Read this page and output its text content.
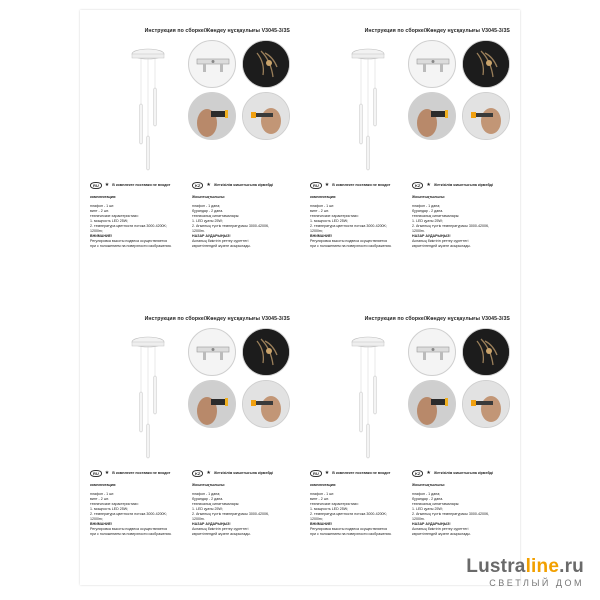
Инструкция по сборке/Жөндеу нұсқаулығы V3045-3/3S
RU	★ В комплекте поставки не входит
комплектация:
плафон - 1 шт.
винт - 2 шт.
технические характеристики:
1. мощность LED 25W;
2. температура цветности потока 3000-4200K;
1200lm;
ВНИМАНИЕ!
Регулировка высоты подвеса осуществляется
при с положением на поверхности изображения.
KZ	★ Жеткізілім жиынтығына кірмейді
Жиынтықтылығы:
плафон - 1 дана;
бұрандар - 2 дана.
техникалық сипаттамалары:
1. LED қуаты 25W;
2. Ағынның түстік температурасы 3000-4200К,
1200lm.
НАЗАР АУДАРЫҢЫЗ!
Аспаның биіктігін реттеу суреттегі
көрсетілгендей жүзеге асырылады.
Инструкция по сборке/Жөндеу нұсқаулығы V3045-3/3S
RU	★ В комплекте поставки не входит
комплектация:
плафон - 1 шт.
винт - 2 шт.
технические характеристики:
1. мощность LED 25W;
2. температура цветности потока 3000-4200K;
1200lm;
ВНИМАНИЕ!
Регулировка высоты подвеса осуществляется
при с положением на поверхности изображения.
KZ	★ Жеткізілім жиынтығына кірмейді
Жиынтықтылығы:
плафон - 1 дана;
бұрандар - 2 дана.
техникалық сипаттамалары:
1. LED қуаты 25W;
2. Ағынның түстік температурасы 3000-4200К,
1200lm.
НАЗАР АУДАРЫҢЫЗ!
Аспаның биіктігін реттеу суреттегі
көрсетілгендей жүзеге асырылады.
Инструкция по сборке/Жөндеу нұсқаулығы V3045-3/3S
RU	★ В комплекте поставки не входит
комплектация:
плафон - 1 шт.
винт - 2 шт.
технические характеристики:
1. мощность LED 25W;
2. температура цветности потока 3000-4200K;
1200lm;
ВНИМАНИЕ!
Регулировка высоты подвеса осуществляется
при с положением на поверхности изображения.
KZ	★ Жеткізілім жиынтығына кірмейді
Жиынтықтылығы:
плафон - 1 дана;
бұрандар - 2 дана.
техникалық сипаттамалары:
1. LED қуаты 25W;
2. Ағынның түстік температурасы 3000-4200К,
1200lm.
НАЗАР АУДАРЫҢЫЗ!
Аспаның биіктігін реттеу суреттегі
көрсетілгендей жүзеге асырылады.
Инструкция по сборке/Жөндеу нұсқаулығы V3045-3/3S
RU	★ В комплекте поставки не входит
комплектация:
плафон - 1 шт.
винт - 2 шт.
технические характеристики:
1. мощность LED 25W;
2. температура цветности потока 3000-4200K;
1200lm;
ВНИМАНИЕ!
Регулировка высоты подвеса осуществляется
при с положением на поверхности изображения.
KZ	★ Жеткізілім жиынтығына кірмейді
Жиынтықтылығы:
плафон - 1 дана;
бұрандар - 2 дана.
техникалық сипаттамалары:
1. LED қуаты 25W;
2. Ағынның түстік температурасы 3000-4200К,
1200lm.
НАЗАР АУДАРЫҢЫЗ!
Аспаның биіктігін реттеу суреттегі
көрсетілгендей жүзеге асырылады.
Lustraline.ru
СВЕТЛЫЙ ДОМ
